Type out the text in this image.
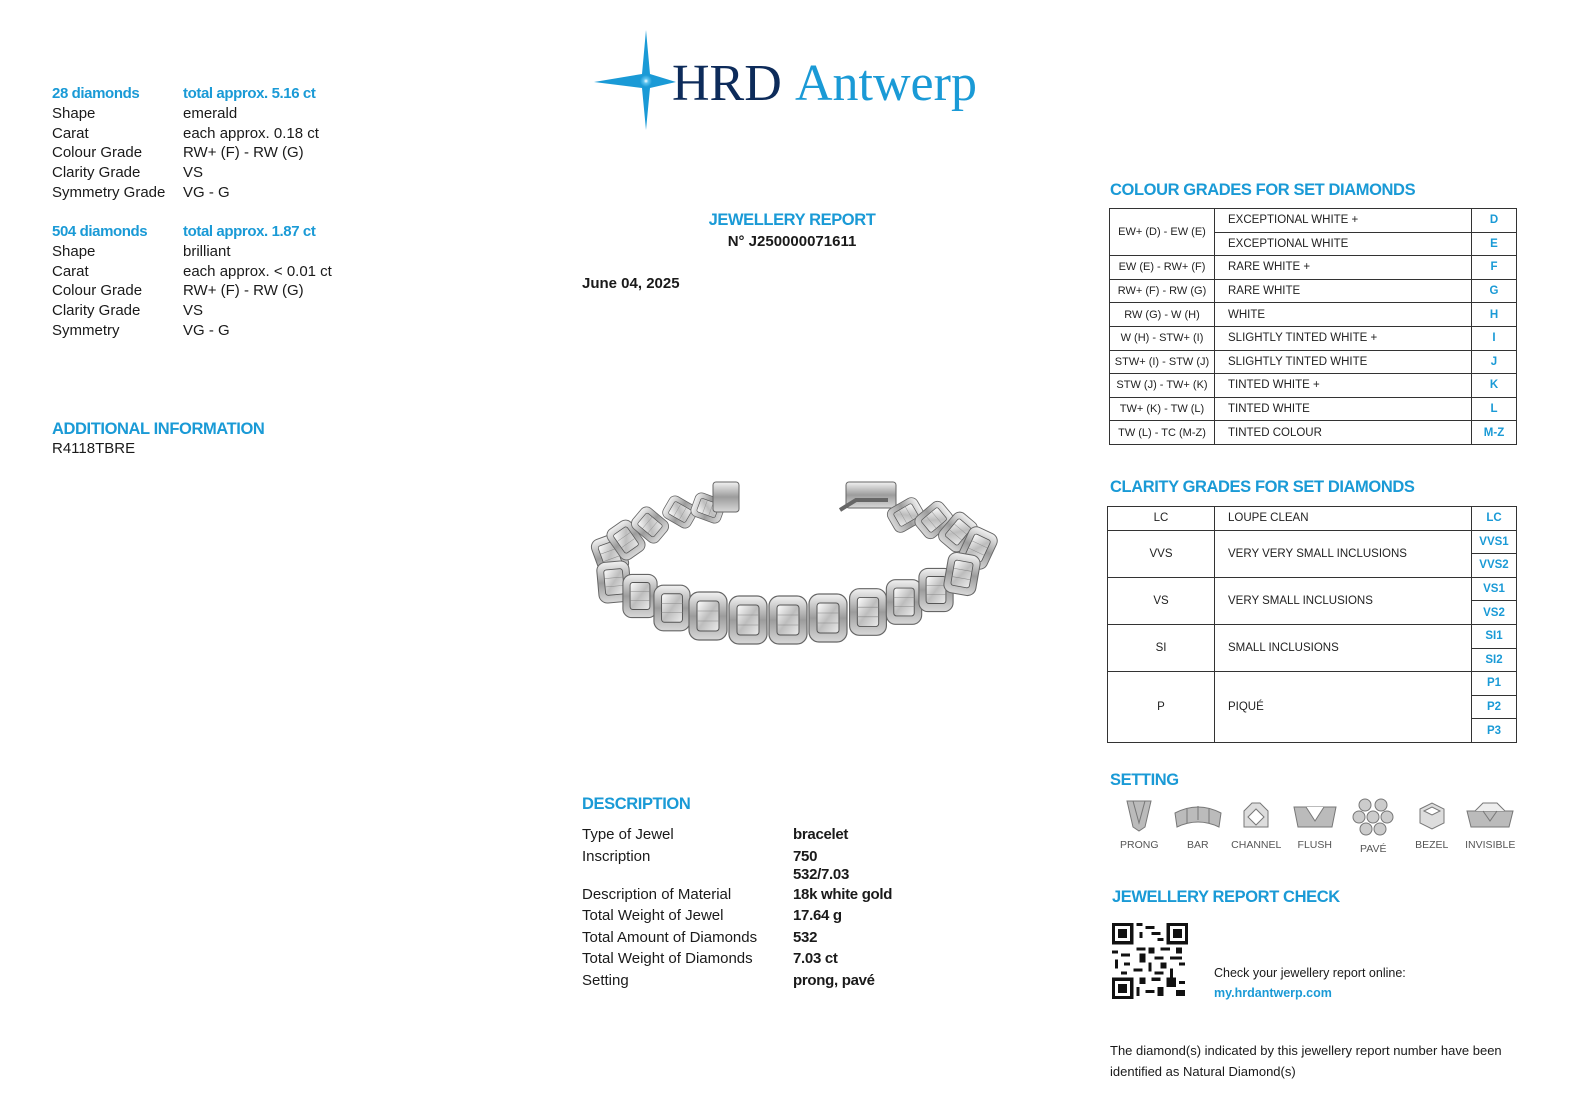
HRD Antwerp
28 diamonds	total approx. 5.16 ct
Shape	emerald
Carat	each approx. 0.18 ct
Colour Grade	RW+ (F) - RW (G)
Clarity Grade	VS
Symmetry Grade	VG - G
504 diamonds	total approx. 1.87 ct
Shape	brilliant
Carat	each approx. < 0.01 ct
Colour Grade	RW+ (F) - RW (G)
Clarity Grade	VS
Symmetry	VG - G
ADDITIONAL INFORMATION
R4118TBRE
JEWELLERY REPORT
N° J250000071611
June 04, 2025
DESCRIPTION
Type of Jewel	bracelet
Inscription	750
532/7.03
Description of Material	18k white gold
Total Weight of Jewel	17.64 g
Total Amount of Diamonds	532
Total Weight of Diamonds	7.03 ct
Setting	prong, pavé
COLOUR GRADES FOR SET DIAMONDS
EW+ (D) - EW (E)	EXCEPTIONAL WHITE +	D
	EXCEPTIONAL WHITE	E
EW (E) - RW+ (F)	RARE WHITE +	F
RW+ (F) - RW (G)	RARE WHITE	G
RW (G) - W (H)	WHITE	H
W (H) - STW+ (I)	SLIGHTLY TINTED WHITE +	I
STW+ (I) - STW (J)	SLIGHTLY TINTED WHITE	J
STW (J) - TW+ (K)	TINTED WHITE +	K
TW+ (K) - TW (L)	TINTED WHITE	L
TW (L) - TC (M-Z)	TINTED COLOUR	M-Z
CLARITY GRADES FOR SET DIAMONDS
LC	LOUPE CLEAN	LC
VVS	VERY VERY SMALL INCLUSIONS	VVS1
		VVS2
VS	VERY SMALL INCLUSIONS	VS1
		VS2
SI	SMALL INCLUSIONS	SI1
		SI2
P	PIQUÉ	P1
		P2
		P3
SETTING
PRONG	BAR	CHANNEL	FLUSH	PAVÉ	BEZEL	INVISIBLE
JEWELLERY REPORT CHECK
Check your jewellery report online:
my.hrdantwerp.com
The diamond(s) indicated by this jewellery report number have been identified as Natural Diamond(s)
